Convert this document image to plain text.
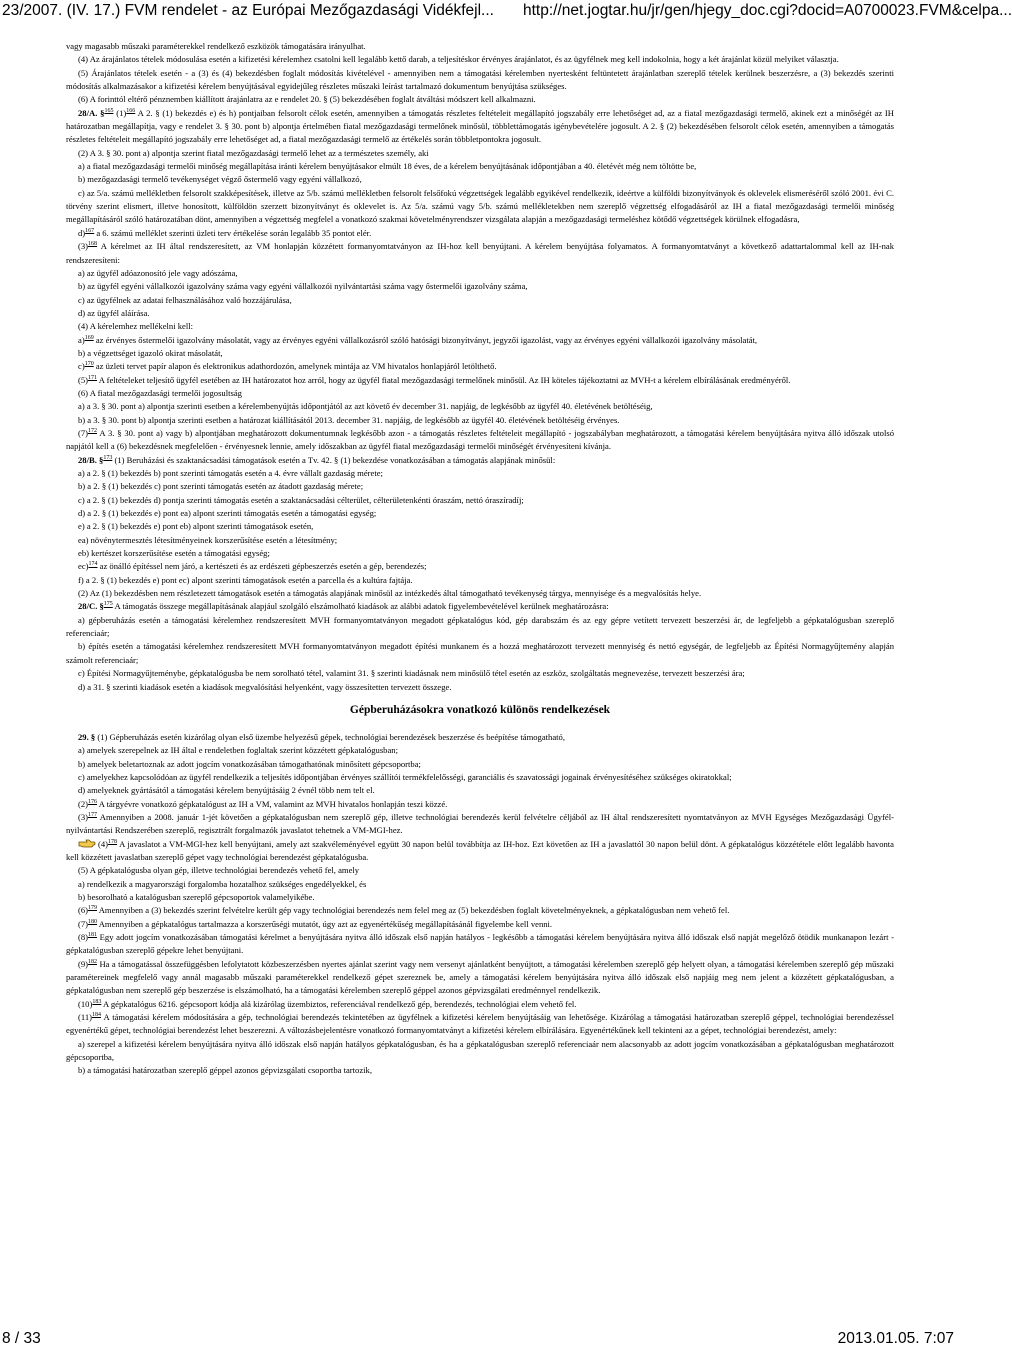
23/2007. (IV. 17.) FVM rendelet - az Európai Mezőgazdasági Vidékfejl... http://net.jogtar.hu/jr/gen/hjegy_doc.cgi?docid=A0700023.FVM&celpa...

vagy magasabb műszaki paraméterekkel rendelkező eszközök támogatására irányulhat.

(4) Az árajánlatos tételek módosulása esetén a kifizetési kérelemhez csatolni kell legalább kettő darab, a teljesítéskor érvényes árajánlatot, és az ügyfélnek meg kell indokolnia, hogy a két árajánlat közül melyiket választja.

(5) Árajánlatos tételek esetén - a (3) és (4) bekezdésben foglalt módosítás kivételével - amennyiben nem a támogatási kérelemben nyertesként feltüntetett árajánlatban szereplő tételek kerülnek beszerzésre, a (3) bekezdés szerinti módosítás alkalmazásakor a kifizetési kérelem benyújtásával egyidejűleg részletes műszaki leírást tartalmazó dokumentum benyújtása szükséges.

(6) A forinttól eltérő pénznemben kiállított árajánlatra az e rendelet 20. § (5) bekezdésében foglalt átváltási módszert kell alkalmazni.

28/A. §$^{165}$ $(1)^{166}$ A 2. § (1) bekezdés e) és h) pontjaiban felsorolt célok esetén, amennyiben a támogatás részletes feltételeit megállapító jogszabály erre lehetőséget ad, az a fiatal mezőgazdasági termelő, akinek ezt a minőségét az IH határozatban megállapítja, vagy e rendelet 3. § 30. pont b) alpontja értelmében fiatal mezőgazdasági termelőnek minősül, többlettámogatás igénybevételére jogosult. A 2. § (2) bekezdésében felsorolt célok esetén, amennyiben a támogatás részletes feltételeit megállapító jogszabály erre lehetőséget ad, a fiatal mezőgazdasági termelő az értékelés során többletpontokra jogosult.

(2) A 3. § 30. pont a) alpontja szerint fiatal mezőgazdasági termelő lehet az a természetes személy, aki

a) a fiatal mezőgazdasági termelői minőség megállapítása iránti kérelem benyújtásakor elmúlt 18 éves, de a kérelem benyújtásának időpontjában a 40. életévét még nem töltötte be,

b) mezőgazdasági termelő tevékenységet végző őstermelő vagy egyéni vállalkozó,

c) az 5/a. számú mellékletben felsorolt szakképesítések, illetve az 5/b. számú mellékletben felsorolt felsőfokú végzettségek legalább egyikével rendelkezik, ideértve a külföldi bizonyítványok és oklevelek elismeréséről szóló 2001. évi C. törvény szerint elismert, illetve honosított, külföldön szerzett bizonyítványt és oklevelet is. Az 5/a. számú vagy 5/b. számú mellékletekben nem szereplő végzettség elfogadásáról az IH a fiatal mezőgazdasági termelői minőség megállapításáról szóló határozatában dönt, amennyiben a végzettség megfelel a vonatkozó szakmai követelményrendszer vizsgálata alapján a mezőgazdasági termeléshez kötődő végzettségek körülnek elfogadásra,

d)$^{167}$ a 6. számú melléklet szerinti üzleti terv értékelése során legalább 35 pontot elér.

$(3)^{168}$ A kérelmet az IH által rendszeresített, az VM honlapján közzétett formanyomtatványon az IH-hoz kell benyújtani. A kérelem benyújtása folyamatos. A formanyomtatványt a következő adattartalommal kell az IH-nak rendszeresíteni:

a) az ügyfél adóazonosító jele vagy adószáma,

b) az ügyfél egyéni vállalkozói igazolvány száma vagy egyéni vállalkozói nyilvántartási száma vagy őstermelői igazolvány száma,

c) az ügyfélnek az adatai felhasználásához való hozzájárulása,

d) az ügyfél aláírása.

(4) A kérelemhez mellékelni kell:

a)$^{169}$ az érvényes őstermelői igazolvány másolatát, vagy az érvényes egyéni vállalkozásról szóló hatósági bizonyítványt, jegyzői igazolást, vagy az érvényes egyéni vállalkozói igazolvány másolatát,

b) a végzettséget igazoló okirat másolatát,

c)$^{170}$ az üzleti tervet papír alapon és elektronikus adathordozón, amelynek mintája az VM hivatalos honlapjáról letölthető.

$(5)^{171}$ A feltételeket teljesítő ügyfél esetében az IH határozatot hoz arról, hogy az ügyfél fiatal mezőgazdasági termelőnek minősül. Az IH köteles tájékoztatni az MVH-t a kérelem elbírálásának eredményéről.

(6) A fiatal mezőgazdasági termelői jogosultság

a) a 3. § 30. pont a) alpontja szerinti esetben a kérelembenyújtás időpontjától az azt követő év december 31. napjáig, de legkésőbb az ügyfél 40. életévének betöltéséig,

b) a 3. § 30. pont b) alpontja szerinti esetben a határozat kiállításától 2013. december 31. napjáig, de legkésőbb az ügyfél 40. életévének betöltéséig érvényes.

$(7)^{172}$ A 3. § 30. pont a) vagy b) alpontjában meghatározott dokumentumnak legkésőbb azon - a támogatás részletes feltételeit megállapító - jogszabályban meghatározott, a támogatási kérelem benyújtására nyitva álló időszak utolsó napjától kell a (6) bekezdésnek megfelelően - érvényesnek lennie, amely időszakban az ügyfél fiatal mezőgazdasági termelői minőségét érvényesíteni kívánja.

28/B. §$^{173}$ (1) Beruházási és szaktanácsadási támogatások esetén a Tv. 42. § (1) bekezdése vonatkozásában a támogatás alapjának minősül:

a) a 2. § (1) bekezdés b) pont szerinti támogatás esetén a 4. évre vállalt gazdaság mérete;

b) a 2. § (1) bekezdés c) pont szerinti támogatás esetén az átadott gazdaság mérete;

c) a 2. § (1) bekezdés d) pontja szerinti támogatás esetén a szaktanácsadási célterület, célterületenkénti óraszám, nettó óraszíradíj;

d) a 2. § (1) bekezdés e) pont ea) alpont szerinti támogatás esetén a támogatási egység;

e) a 2. § (1) bekezdés e) pont eb) alpont szerinti támogatások esetén,

ea) növénytermesztés létesítményeinek korszerűsítése esetén a létesítmény;

eb) kertészet korszerűsítése esetén a támogatási egység;

ec)$^{174}$ az önálló építéssel nem járó, a kertészeti és az erdészeti gépbeszerzés esetén a gép, berendezés;

f) a 2. § (1) bekezdés e) pont ec) alpont szerinti támogatások esetén a parcella és a kultúra fajtája.

(2) Az (1) bekezdésben nem részletezett támogatások esetén a támogatás alapjának minősül az intézkedés által támogatható tevékenység tárgya, mennyisége és a megvalósítás helye.

28/C. §$^{175}$ A támogatás összege megállapításának alapjául szolgáló elszámolható kiadások az alábbi adatok figyelembevételével kerülnek meghatározásra:

a) gépberuházás esetén a támogatási kérelemhez rendszeresített MVH formanyomtatványon megadott gépkatalógus kód, gép darabszám és az egy gépre vetített tervezett beszerzési ár, de legfeljebb a gépkatalógusban szereplő referenciaár;

b) építés esetén a támogatási kérelemhez rendszeresített MVH formanyomtatványon megadott építési munkanem és a hozzá meghatározott tervezett mennyiség és nettó egységár, de legfeljebb az Építési Normagyűjtemény alapján számolt referenciaár;

c) Építési Normagyűjteménybe, gépkatalógusba be nem sorolható tétel, valamint 31. § szerinti kiadásnak nem minősülő tétel esetén az eszköz, szolgáltatás megnevezése, tervezett beszerzési ára;

d) a 31. § szerinti kiadások esetén a kiadások megvalósítási helyenként, vagy összesítetten tervezett összege.

Gépberuházásokra vonatkozó különös rendelkezések

29. § (1) Gépberuházás esetén kizárólag olyan első üzembe helyezésű gépek, technológiai berendezések beszerzése és beépítése támogatható,

a) amelyek szerepelnek az IH által e rendeletben foglaltak szerint közzétett gépkatalógusban;

b) amelyek beletartoznak az adott jogcím vonatkozásában támogathatónak minősített gépcsoportba;

c) amelyekhez kapcsolódóan az ügyfél rendelkezik a teljesítés időpontjában érvényes szállítói termékfelelősségi, garanciális és szavatossági jogainak érvényesítéséhez szükséges okiratokkal;

d) amelyeknek gyártásától a támogatási kérelem benyújtásáig 2 évnél több nem telt el.

$(2)^{176}$ A tárgyévre vonatkozó gépkatalógust az IH a VM, valamint az MVH hivatalos honlapján teszi közzé.

$(3)^{177}$ Amennyiben a 2008. január 1-jét követően a gépkatalógusban nem szereplő gép, illetve technológiai berendezés kerül felvételre céljából az IH által rendszeresített nyomtatványon az MVH Egységes Mezőgazdasági Ügyfél-nyilvántartási Rendszerében szereplő, regisztrált forgalmazók javaslatot tehetnek a VM-MGI-hez.

$(4)^{178}$ A javaslatot a VM-MGI-hez kell benyújtani, amely azt szakvéleményével együtt 30 napon belül továbbítja az IH-hoz. Ezt követően az IH a javaslattól 30 napon belül dönt. A gépkatalógus közzététele előtt legalább havonta kell közzétett javaslatban szereplő gépet vagy technológiai berendezést gépkatalógusba.

(5) A gépkatalógusba olyan gép, illetve technológiai berendezés vehető fel, amely

a) rendelkezik a magyarországi forgalomba hozatalhoz szükséges engedélyekkel, és

b) besorolható a katalógusban szereplő gépcsoportok valamelyikébe.

$(6)^{179}$ Amennyiben a (3) bekezdés szerint felvételre került gép vagy technológiai berendezés nem felel meg az (5) bekezdésben foglalt követelményeknek, a gépkatalógusban nem vehető fel.

$(7)^{180}$ Amennyiben a gépkatalógus tartalmazza a korszerűségi mutatót, úgy azt az egyenértékűség megállapításánál figyelembe kell venni.

$(8)^{181}$ Egy adott jogcím vonatkozásában támogatási kérelmet a benyújtására nyitva álló időszak első napján hatályos - legkésőbb a támogatási kérelem benyújtására nyitva álló időszak első napját megelőző ötödik munkanapon lezárt - gépkatalógusban szereplő gépekre lehet benyújtani.

$(9)^{182}$ Ha a támogatással összefüggésben lefolytatott közbeszerzésben nyertes ajánlat szerint vagy nem versenyt ajánlatként benyújtott, a támogatási kérelemben szereplő gép helyett olyan, a támogatási kérelemben szereplő gép műszaki paramétereinek megfelelő vagy annál magasabb műszaki paraméterekkel rendelkező gépet szereznek be, amely a támogatási kérelem benyújtására nyitva álló időszak első napjáig meg nem jelent a közzétett gépkatalógusban, a gépkatalógusban nem szereplő gép beszerzése is elszámolható, ha a támogatási kérelemben szereplő géppel azonos gépvizsgálati eredménnyel rendelkezik.

$(10)^{183}$ A gépkatalógus 6216. gépcsoport kódja alá kizárólag üzembiztos, referenciával rendelkező gép, berendezés, technológiai elem vehető fel.

$(11)^{184}$ A támogatási kérelem módosítására a gép, technológiai berendezés tekintetében az ügyfélnek a kifizetési kérelem benyújtásáig van lehetősége. Kizárólag a támogatási határozatban szereplő géppel, technológiai berendezéssel egyenértékű gépet, technológiai berendezést lehet beszerezni. A változásbejelentésre vonatkozó formanyomtatványt a kifizetési kérelem elbírálására. Egyenértékűnek kell tekinteni az a gépet, technológiai berendezést, amely:

a) szerepel a kifizetési kérelem benyújtására nyitva álló időszak első napján hatályos gépkatalógusban, és ha a gépkatalógusban szereplő referenciaár nem alacsonyabb az adott jogcím vonatkozásában a gépkatalógusban meghatározott gépcsoportba,

b) a támogatási határozatban szereplő géppel azonos gépvizsgálati csoportba tartozik,

8 / 33	2013.01.05. 7:07
